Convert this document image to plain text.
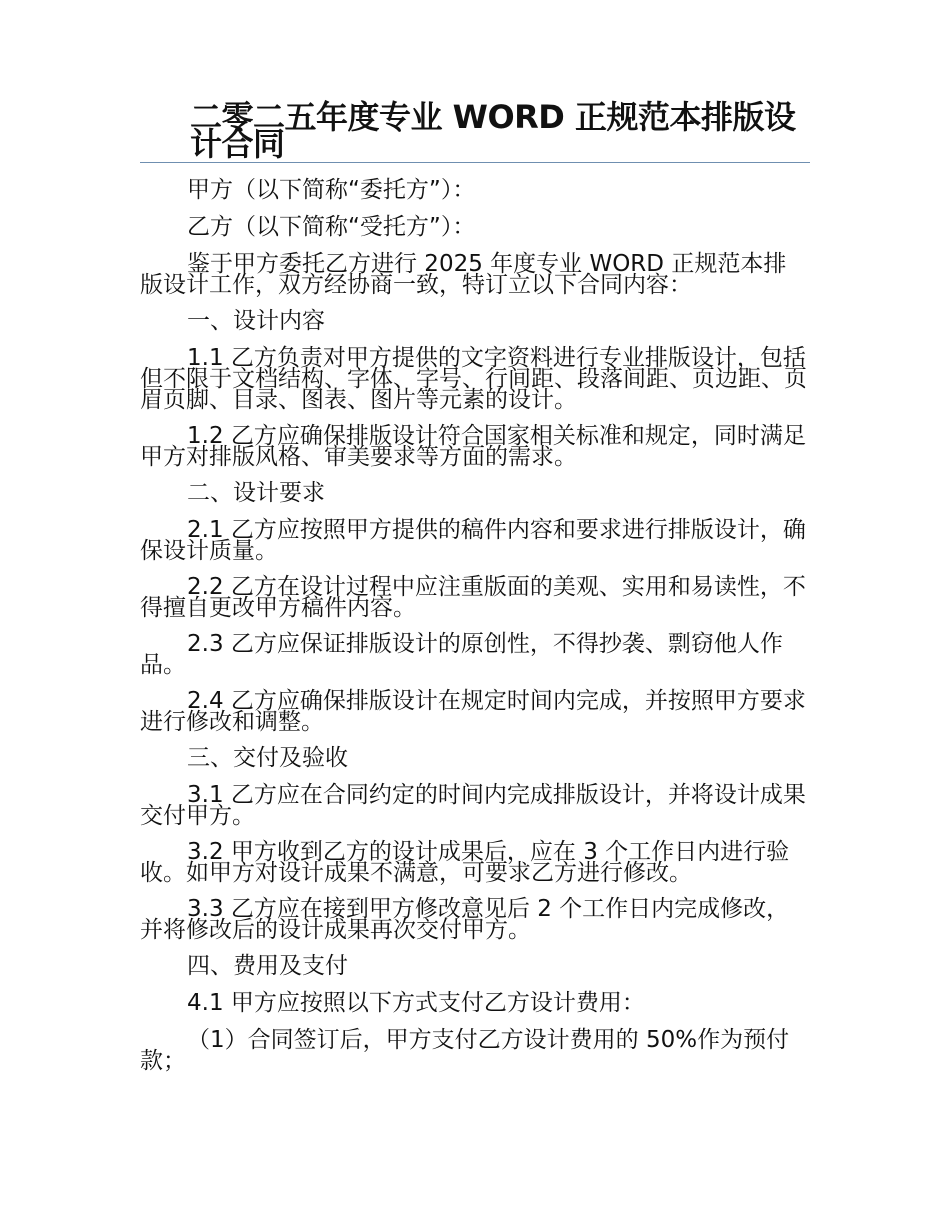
二零二五年度专业 WORD 正规范本排版设计合同

甲方（以下简称“委托方”）：

乙方（以下简称“受托方”）：

鉴于甲方委托乙方进行 2025 年度专业 WORD 正规范本排版设计工作，双方经协商一致，特订立以下合同内容：

一、设计内容

1.1 乙方负责对甲方提供的文字资料进行专业排版设计，包括但不限于文档结构、字体、字号、行间距、段落间距、页边距、页眉页脚、目录、图表、图片等元素的设计。

1.2 乙方应确保排版设计符合国家相关标准和规定，同时满足甲方对排版风格、审美要求等方面的需求。

二、设计要求

2.1 乙方应按照甲方提供的稿件内容和要求进行排版设计，确保设计质量。

2.2 乙方在设计过程中应注重版面的美观、实用和易读性，不得擅自更改甲方稿件内容。

2.3 乙方应保证排版设计的原创性，不得抄袭、剽窃他人作品。

2.4 乙方应确保排版设计在规定时间内完成，并按照甲方要求进行修改和调整。

三、交付及验收

3.1 乙方应在合同约定的时间内完成排版设计，并将设计成果交付甲方。

3.2 甲方收到乙方的设计成果后，应在 3 个工作日内进行验收。如甲方对设计成果不满意，可要求乙方进行修改。

3.3 乙方应在接到甲方修改意见后 2 个工作日内完成修改，并将修改后的设计成果再次交付甲方。

四、费用及支付

4.1 甲方应按照以下方式支付乙方设计费用：

（1）合同签订后，甲方支付乙方设计费用的 50%作为预付款；
